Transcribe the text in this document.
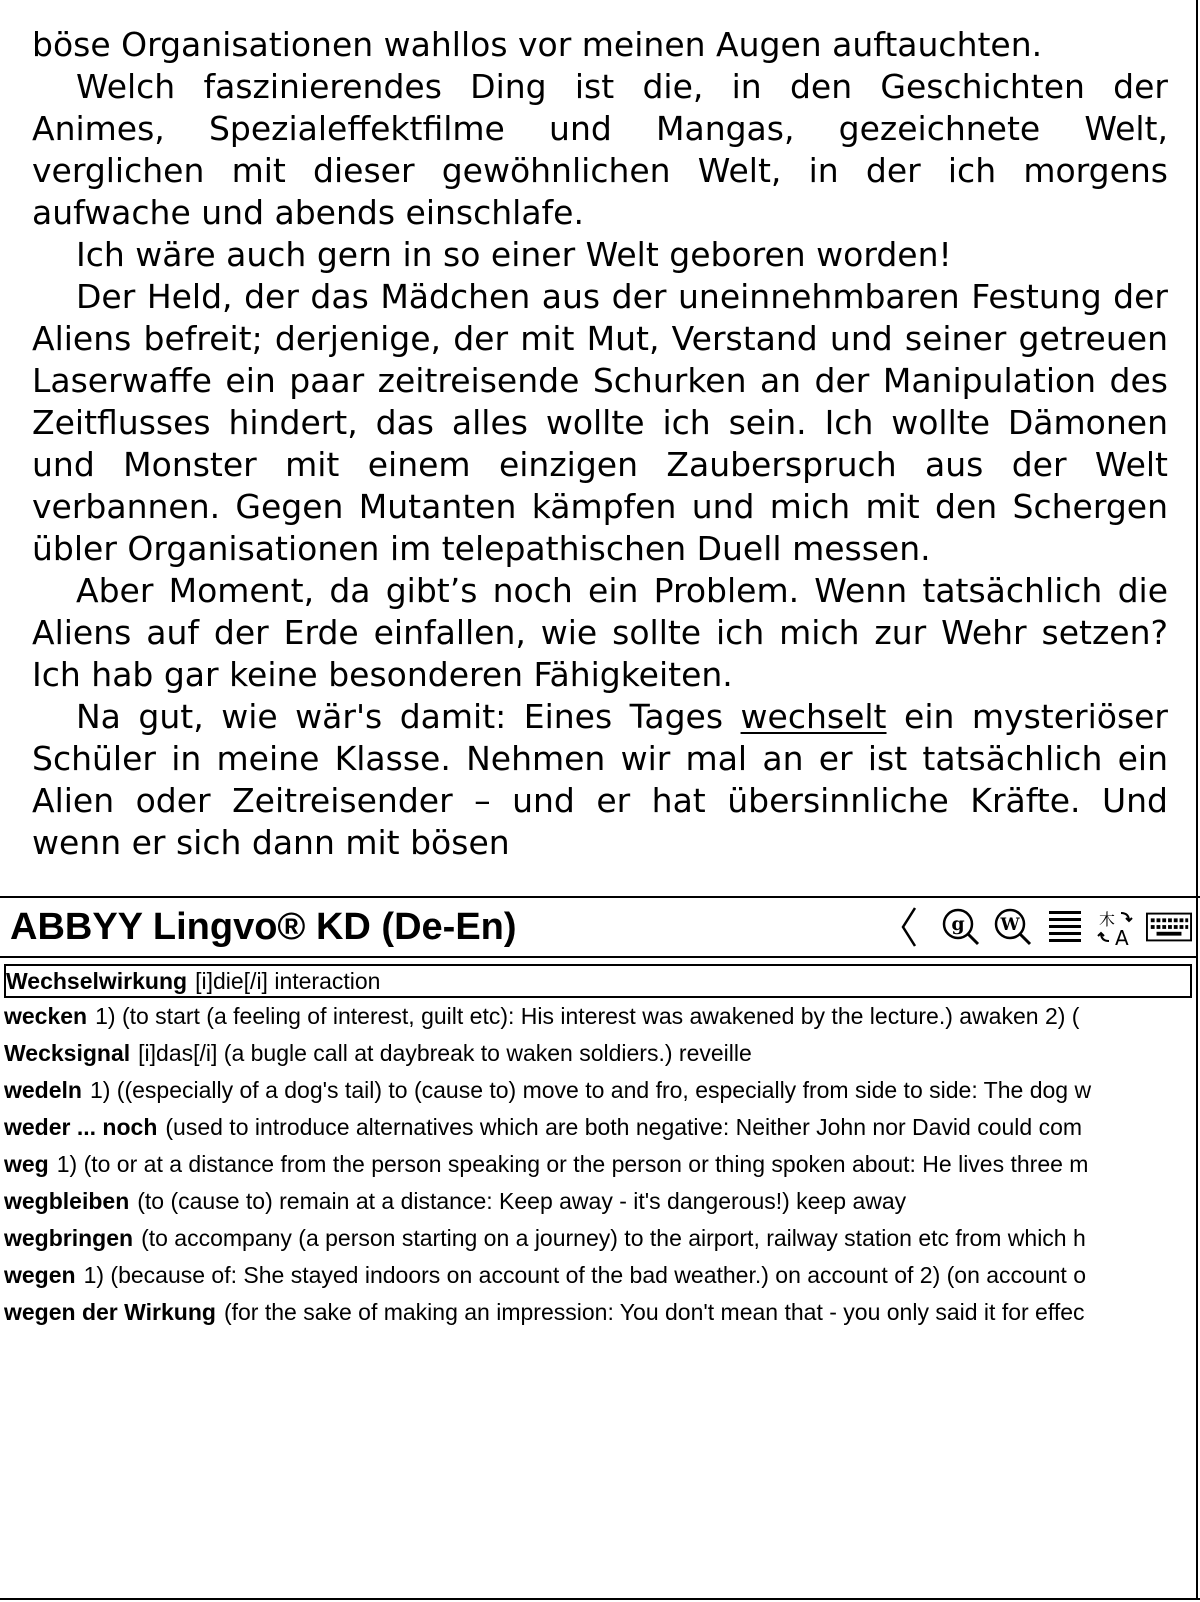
böse Organisationen wahllos vor meinen Augen auftauchten.

Welch faszinierendes Ding ist die, in den Geschichten der Animes, Spezialeffektfilme und Mangas, gezeichnete Welt, verglichen mit dieser gewöhnlichen Welt, in der ich morgens aufwache und abends einschlafe.

Ich wäre auch gern in so einer Welt geboren worden!

Der Held, der das Mädchen aus der uneinnehmbaren Festung der Aliens befreit; derjenige, der mit Mut, Verstand und seiner getreuen Laserwaffe ein paar zeitreisende Schurken an der Manipulation des Zeitflusses hindert, das alles wollte ich sein. Ich wollte Dämonen und Monster mit einem einzigen Zauberspruch aus der Welt verbannen. Gegen Mutanten kämpfen und mich mit den Schergen übler Organisationen im telepathischen Duell messen.

Aber Moment, da gibt’s noch ein Problem. Wenn tatsächlich die Aliens auf der Erde einfallen, wie sollte ich mich zur Wehr setzen? Ich hab gar keine besonderen Fähigkeiten.

Na gut, wie wär's damit: Eines Tages wechselt ein mysteriöser Schüler in meine Klasse. Nehmen wir mal an er ist tatsächlich ein Alien oder Zeitreisender – und er hat übersinnliche Kräfte. Und wenn er sich dann mit bösen

ABBYY Lingvo® KD (De-En)	g W	木
A
Wechselwirkung [i]die[/i] interaction
wecken 1) (to start (a feeling of interest, guilt etc): His interest was awakened by the lecture.) awaken 2) (
Wecksignal [i]das[/i] (a bugle call at daybreak to waken soldiers.) reveille
wedeln 1) ((especially of a dog's tail) to (cause to) move to and fro, especially from side to side: The dog w
weder ... noch (used to introduce alternatives which are both negative: Neither John nor David could com
weg 1) (to or at a distance from the person speaking or the person or thing spoken about: He lives three m
wegbleiben (to (cause to) remain at a distance: Keep away - it's dangerous!) keep away
wegbringen (to accompany (a person starting on a journey) to the airport, railway station etc from which h
wegen 1) (because of: She stayed indoors on account of the bad weather.) on account of 2) (on account o
wegen der Wirkung (for the sake of making an impression: You don't mean that - you only said it for effec
